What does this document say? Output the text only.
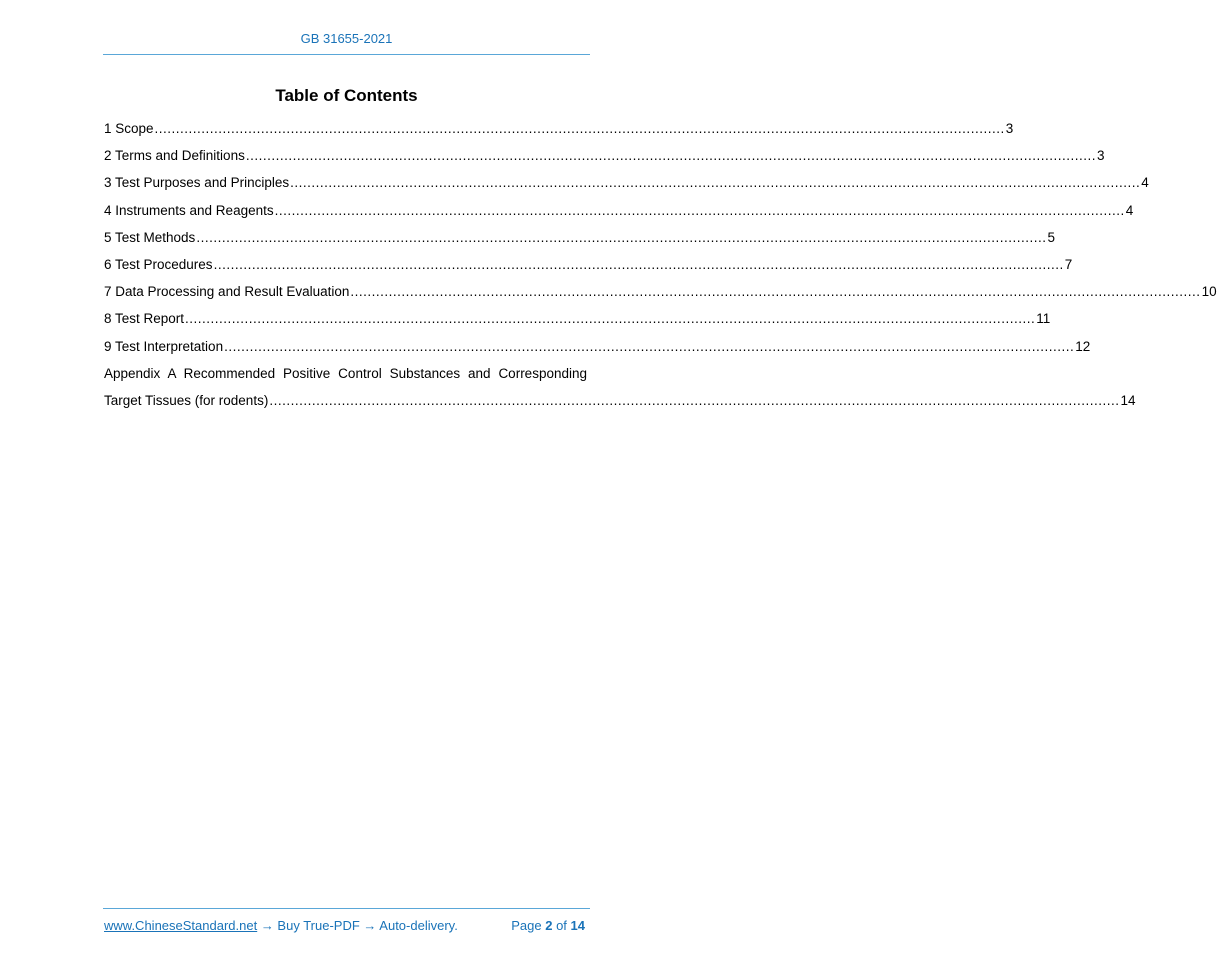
GB 31655-2021
Table of Contents
1 Scope ........................................................................................................................................................................................................ 3
2 Terms and Definitions ........................................................................................................................................................................................................ 3
3 Test Purposes and Principles ........................................................................................................................................................................................................ 4
4 Instruments and Reagents ........................................................................................................................................................................................................ 4
5 Test Methods ........................................................................................................................................................................................................ 5
6 Test Procedures ........................................................................................................................................................................................................ 7
7 Data Processing and Result Evaluation ........................................................................................................................................................................................................ 10
8 Test Report ........................................................................................................................................................................................................ 11
9 Test Interpretation ........................................................................................................................................................................................................ 12
Appendix A Recommended Positive Control Substances and Corresponding
Target Tissues (for rodents) ........................................................................................................................................................................................................ 14
www.ChineseStandard.net → Buy True-PDF → Auto-delivery.	Page 2 of 14
